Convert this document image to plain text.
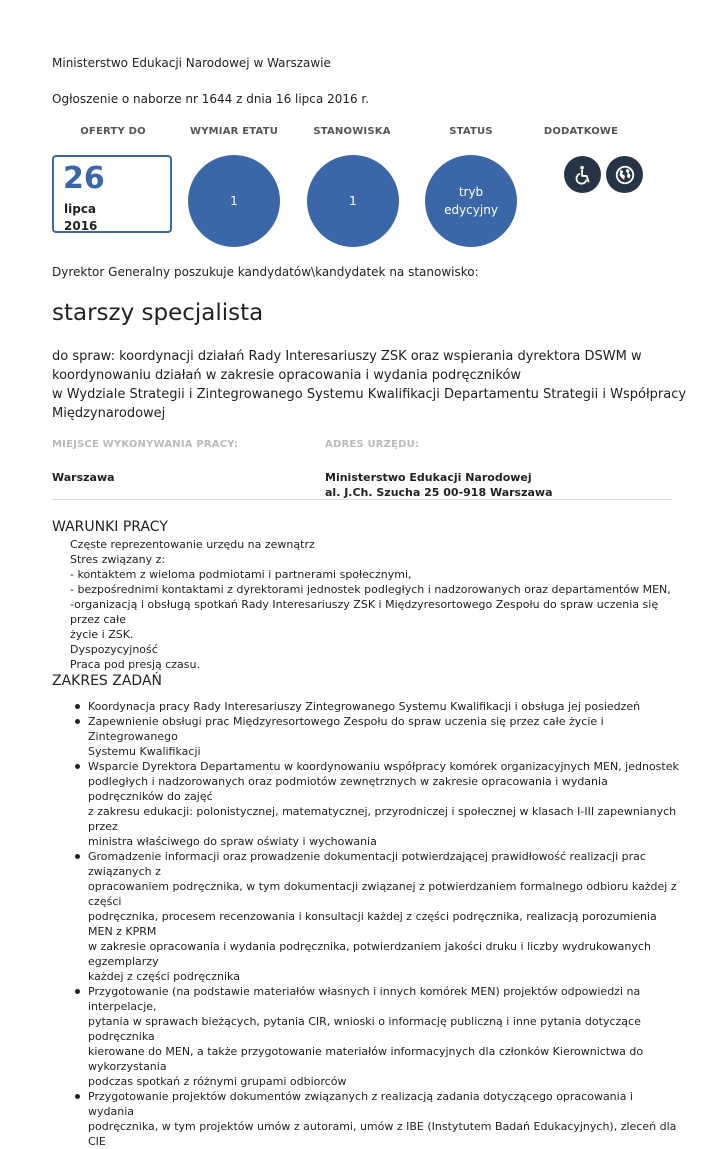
Ministerstwo Edukacji Narodowej w Warszawie
Ogłoszenie o naborze nr 1644 z dnia 16 lipca 2016 r.
OFERTY DO	WYMIAR ETATU	STANOWISKA	STATUS	DODATKOWE
26
lipca
2016
1	1
tryb
edycyjny
Dyrektor Generalny poszukuje kandydatów\kandydatek na stanowisko:
starszy specjalista
do spraw: koordynacji działań Rady Interesariuszy ZSK oraz wspierania dyrektora DSWM w
koordynowaniu działań w zakresie opracowania i wydania podręczników
w Wydziale Strategii i Zintegrowanego Systemu Kwalifikacji Departamentu Strategii i Współpracy
Międzynarodowej
MIEJSCE WYKONYWANIA PRACY:	ADRES URZĘDU:
Warszawa	Ministerstwo Edukacji Narodowej
al. J.Ch. Szucha 25 00-918 Warszawa
WARUNKI PRACY
Częste reprezentowanie urzędu na zewnątrz
Stres związany z:
- kontaktem z wieloma podmiotami i partnerami społecznymi,
- bezpośrednimi kontaktami z dyrektorami jednostek podległych i nadzorowanych oraz departamentów MEN,
-organizacją i obsługą spotkań Rady Interesariuszy ZSK i Międzyresortowego Zespołu do spraw uczenia się przez całe
życie i ZSK.
Dyspozycyjność
Praca pod presją czasu.
ZAKRES ZADAŃ
Koordynacja pracy Rady Interesariuszy Zintegrowanego Systemu Kwalifikacji i obsługa jej posiedzeń
Zapewnienie obsługi prac Międzyresortowego Zespołu do spraw uczenia się przez całe życie i Zintegrowanego
Systemu Kwalifikacji
Wsparcie Dyrektora Departamentu w koordynowaniu współpracy komórek organizacyjnych MEN, jednostek
podległych i nadzorowanych oraz podmiotów zewnętrznych w zakresie opracowania i wydania podręczników do zajęć
z zakresu edukacji: polonistycznej, matematycznej, przyrodniczej i społecznej w klasach I-III zapewnianych przez
ministra właściwego do spraw oświaty i wychowania
Gromadzenie informacji oraz prowadzenie dokumentacji potwierdzającej prawidłowość realizacji prac związanych z
opracowaniem podręcznika, w tym dokumentacji związanej z potwierdzaniem formalnego odbioru każdej z części
podręcznika, procesem recenzowania i konsultacji każdej z części podręcznika, realizacją porozumienia MEN z KPRM
w zakresie opracowania i wydania podręcznika, potwierdzaniem jakości druku i liczby wydrukowanych egzemplarzy
każdej z części podręcznika
Przygotowanie (na podstawie materiałów własnych i innych komórek MEN) projektów odpowiedzi na interpelacje,
pytania w sprawach bieżących, pytania CIR, wnioski o informację publiczną i inne pytania dotyczące podręcznika
kierowane do MEN, a także przygotowanie materiałów informacyjnych dla członków Kierownictwa do wykorzystania
podczas spotkań z różnymi grupami odbiorców
Przygotowanie projektów dokumentów związanych z realizacją zadania dotyczącego opracowania i wydania
podręcznika, w tym projektów umów z autorami, umów z IBE (Instytutem Badań Edukacyjnych), zleceń dla CIE
